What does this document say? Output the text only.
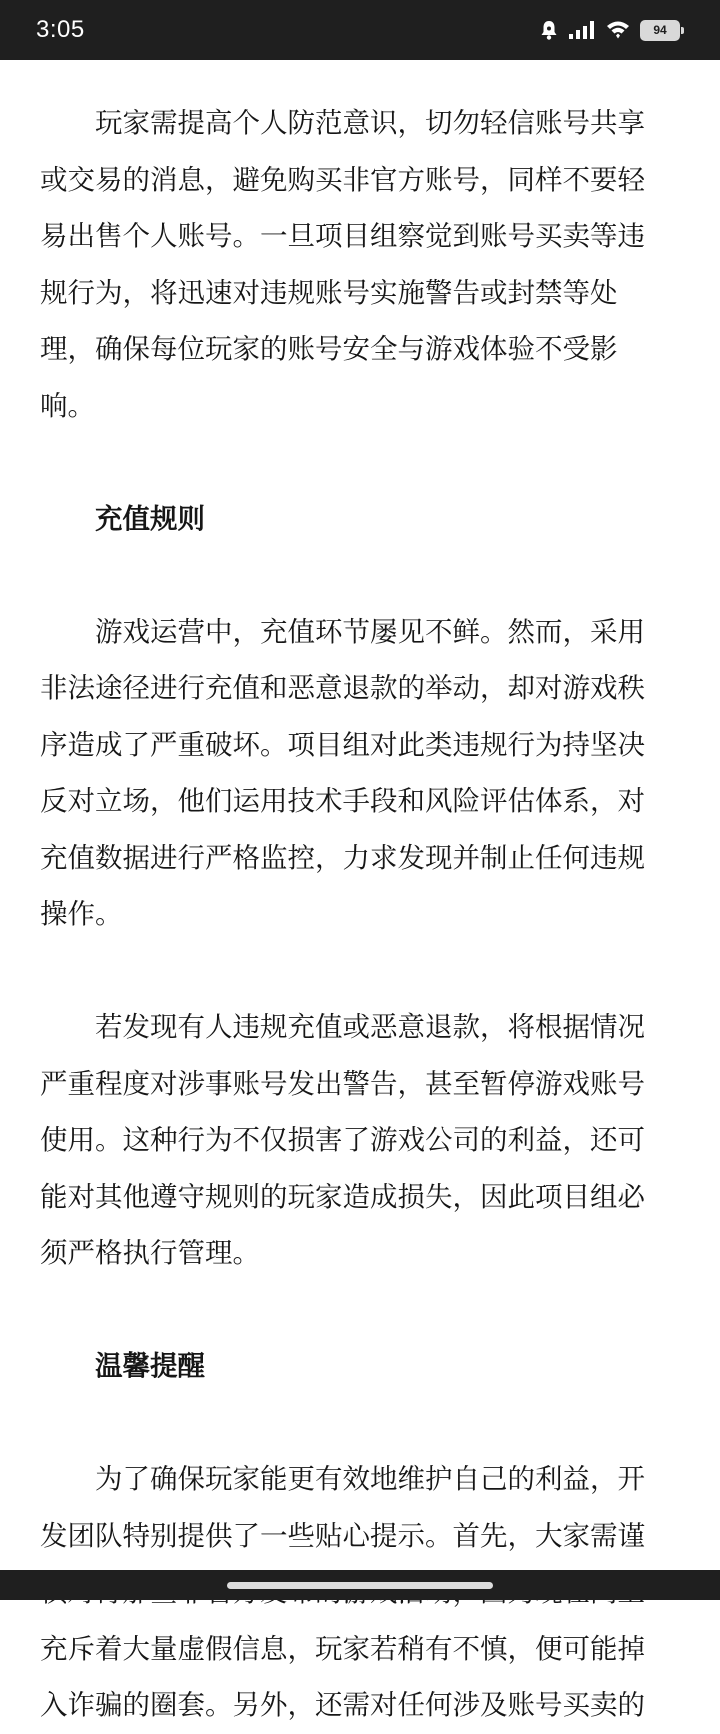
3:05	94

玩家需提高个人防范意识，切勿轻信账号共享或交易的消息，避免购买非官方账号，同样不要轻易出售个人账号。一旦项目组察觉到账号买卖等违规行为，将迅速对违规账号实施警告或封禁等处理，确保每位玩家的账号安全与游戏体验不受影响。

充值规则

游戏运营中，充值环节屡见不鲜。然而，采用非法途径进行充值和恶意退款的举动，却对游戏秩序造成了严重破坏。项目组对此类违规行为持坚决反对立场，他们运用技术手段和风险评估体系，对充值数据进行严格监控，力求发现并制止任何违规操作。

若发现有人违规充值或恶意退款，将根据情况严重程度对涉事账号发出警告，甚至暂停游戏账号使用。这种行为不仅损害了游戏公司的利益，还可能对其他遵守规则的玩家造成损失，因此项目组必须严格执行管理。

温馨提醒

为了确保玩家能更有效地维护自己的利益，开发团队特别提供了一些贴心提示。首先，大家需谨 充斥着大量虚假信息，玩家若稍有不慎，便可能掉入诈骗的圈套。另外，还需对任何涉及账号买卖的
